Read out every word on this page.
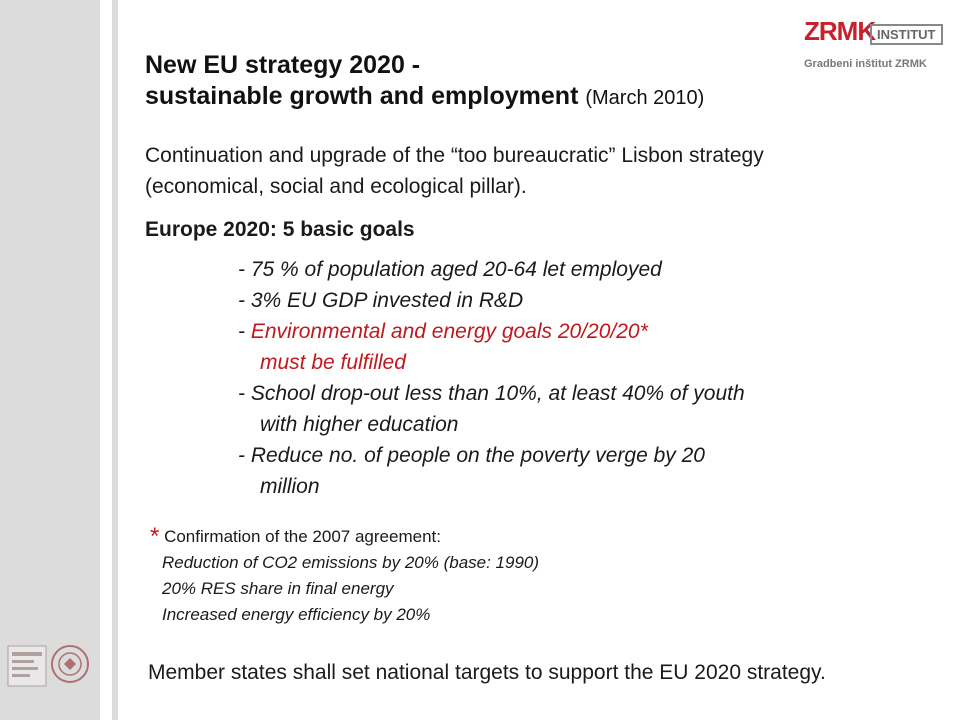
ZRMK INSTITUT
Gradbeni inštitut ZRMK
New EU strategy 2020 -
sustainable growth and employment (March 2010)
Continuation and upgrade of the “too bureaucratic” Lisbon strategy (economical, social and ecological pillar).
Europe 2020: 5 basic goals
- 75 % of population aged 20-64 let employed
- 3% EU GDP invested in R&D
- Environmental and energy goals 20/20/20*
must be fulfilled
- School drop-out less than 10%, at least 40% of youth
with higher education
- Reduce no. of people on the poverty verge by 20
million
* Confirmation of the 2007 agreement:
Reduction of CO2 emissions by 20% (base: 1990)
20% RES share in final energy
Increased energy efficiency by 20%
Member states shall set national targets to support the EU 2020 strategy.
